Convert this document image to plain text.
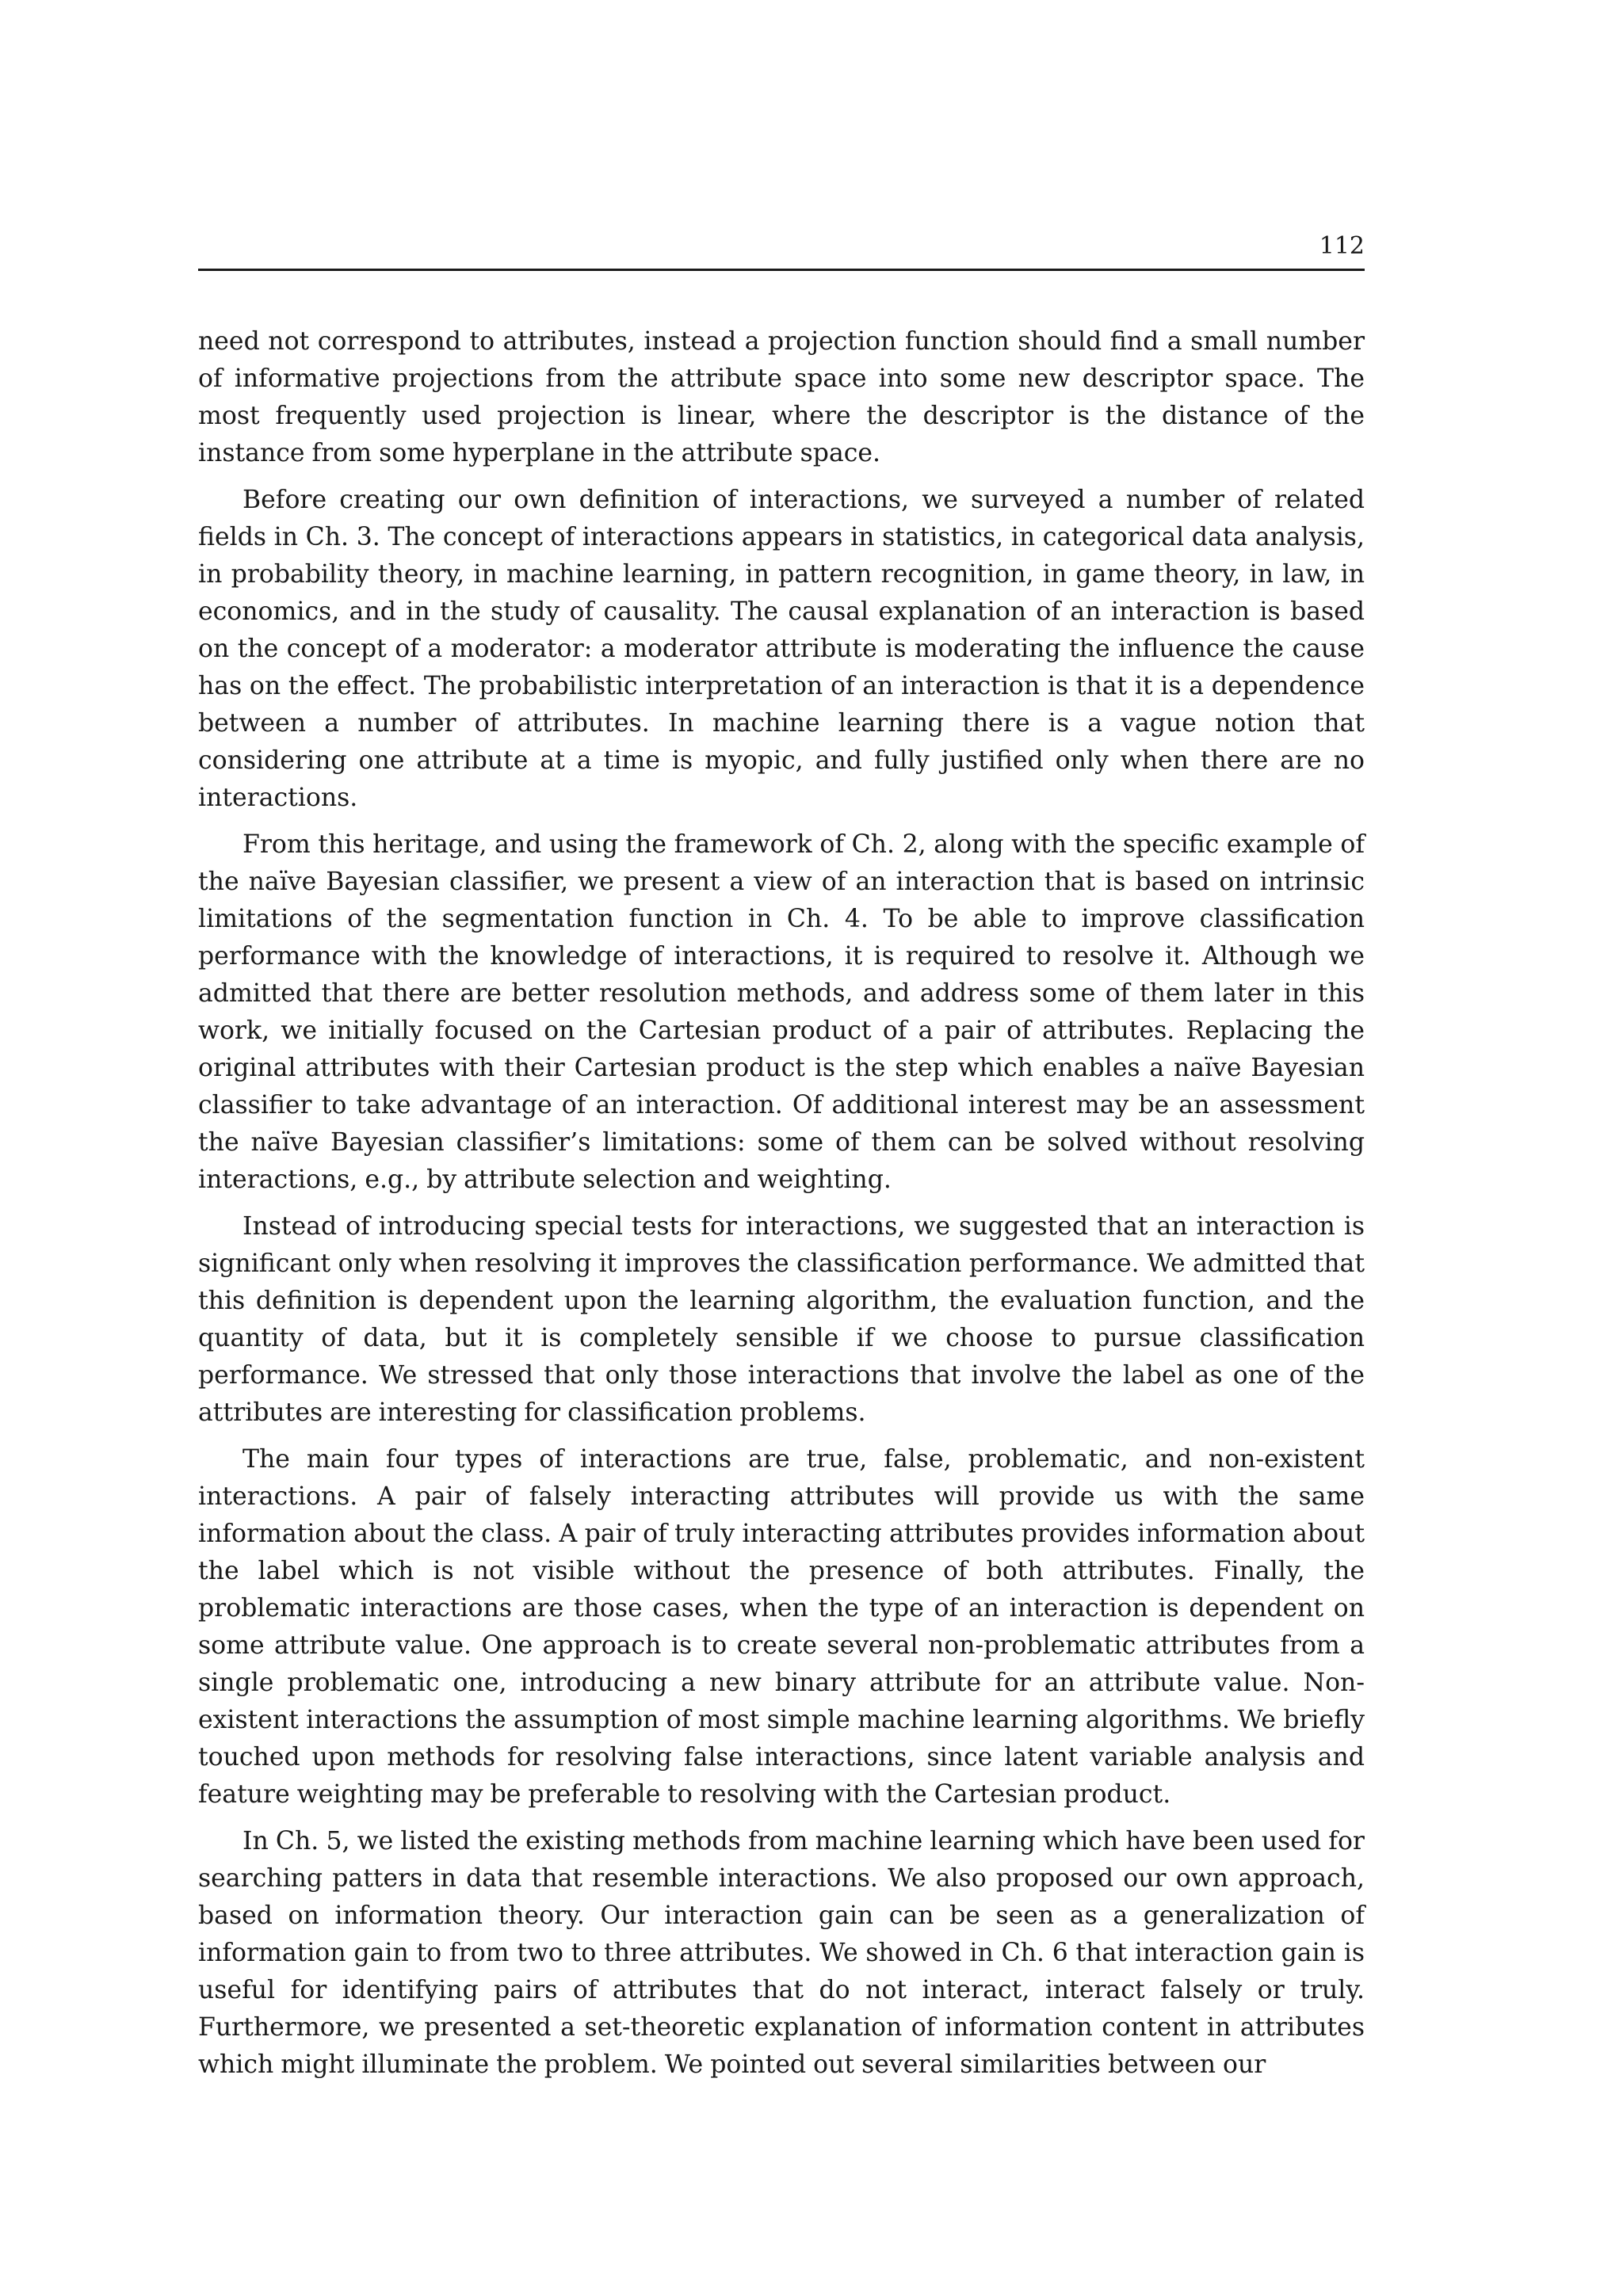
112

need not correspond to attributes, instead a projection function should find a small number of informative projections from the attribute space into some new descriptor space. The most frequently used projection is linear, where the descriptor is the distance of the instance from some hyperplane in the attribute space.

Before creating our own definition of interactions, we surveyed a number of related fields in Ch. 3. The concept of interactions appears in statistics, in categorical data analysis, in probability theory, in machine learning, in pattern recognition, in game theory, in law, in economics, and in the study of causality. The causal explanation of an interaction is based on the concept of a moderator: a moderator attribute is moderating the influence the cause has on the effect. The probabilistic interpretation of an interaction is that it is a dependence between a number of attributes. In machine learning there is a vague notion that considering one attribute at a time is myopic, and fully justified only when there are no interactions.

From this heritage, and using the framework of Ch. 2, along with the specific example of the naïve Bayesian classifier, we present a view of an interaction that is based on intrinsic limitations of the segmentation function in Ch. 4. To be able to improve classification performance with the knowledge of interactions, it is required to resolve it. Although we admitted that there are better resolution methods, and address some of them later in this work, we initially focused on the Cartesian product of a pair of attributes. Replacing the original attributes with their Cartesian product is the step which enables a naïve Bayesian classifier to take advantage of an interaction. Of additional interest may be an assessment the naïve Bayesian classifier’s limitations: some of them can be solved without resolving interactions, e.g., by attribute selection and weighting.

Instead of introducing special tests for interactions, we suggested that an interaction is significant only when resolving it improves the classification performance. We admitted that this definition is dependent upon the learning algorithm, the evaluation function, and the quantity of data, but it is completely sensible if we choose to pursue classification performance. We stressed that only those interactions that involve the label as one of the attributes are interesting for classification problems.

The main four types of interactions are true, false, problematic, and non-existent interactions. A pair of falsely interacting attributes will provide us with the same information about the class. A pair of truly interacting attributes provides information about the label which is not visible without the presence of both attributes. Finally, the problematic interactions are those cases, when the type of an interaction is dependent on some attribute value. One approach is to create several non-problematic attributes from a single problematic one, introducing a new binary attribute for an attribute value. Non-existent interactions the assumption of most simple machine learning algorithms. We briefly touched upon methods for resolving false interactions, since latent variable analysis and feature weighting may be preferable to resolving with the Cartesian product.

In Ch. 5, we listed the existing methods from machine learning which have been used for searching patters in data that resemble interactions. We also proposed our own approach, based on information theory. Our interaction gain can be seen as a generalization of information gain to from two to three attributes. We showed in Ch. 6 that interaction gain is useful for identifying pairs of attributes that do not interact, interact falsely or truly. Furthermore, we presented a set-theoretic explanation of information content in attributes which might illuminate the problem. We pointed out several similarities between our
